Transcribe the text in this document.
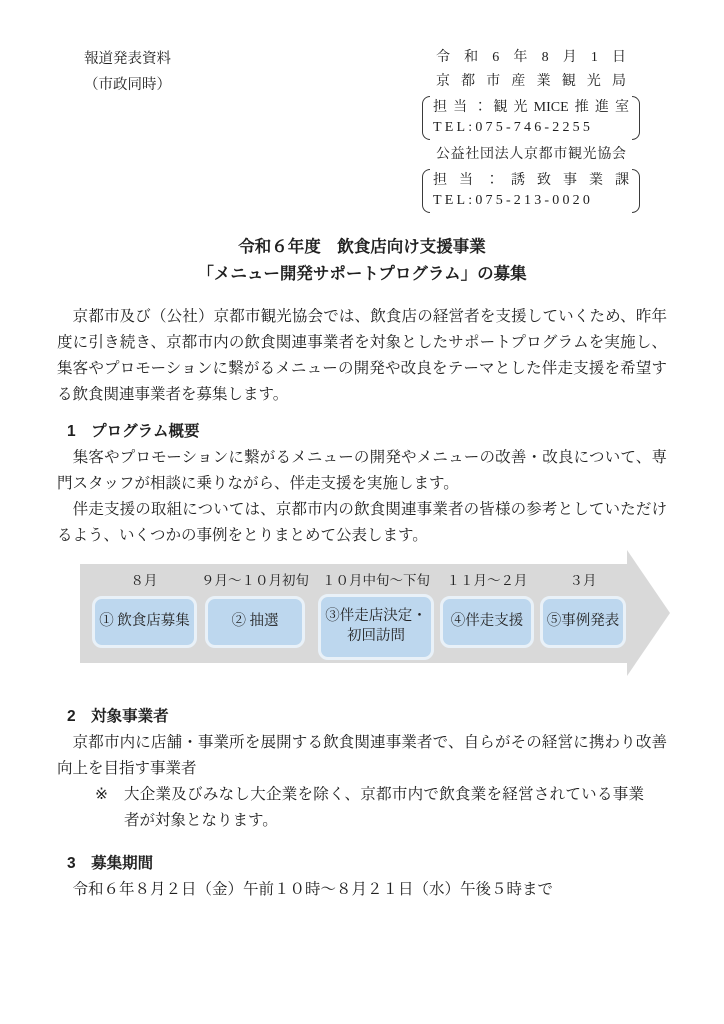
報道発表資料
（市政同時）
令和6年8月1日
京都市産業観光局
担当：観光MICE推進室
TEL:075-746-2255
公益社団法人京都市観光協会
担当：誘致事業課
TEL:075-213-0020
令和６年度　飲食店向け支援事業
「メニュー開発サポートプログラム」の募集

　京都市及び（公社）京都市観光協会では、飲食店の経営者を支援していくため、昨年度に引き続き、京都市内の飲食関連事業者を対象としたサポートプログラムを実施し、集客やプロモーションに繋がるメニューの開発や改良をテーマとした伴走支援を希望する飲食関連事業者を募集します。

1　プログラム概要

　集客やプロモーションに繋がるメニューの開発やメニューの改善・改良について、専門スタッフが相談に乗りながら、伴走支援を実施します。

　伴走支援の取組については、京都市内の飲食関連事業者の皆様の参考としていただけるよう、いくつかの事例をとりまとめて公表します。

８月	９月～１０月初旬 １０月中旬～下旬 １１月～２月	３月
① 飲食店募集	② 抽選	③伴走店決定・
初回訪問
④伴走支援 ⑤事例発表
2　対象事業者

　京都市内に店舗・事業所を展開する飲食関連事業者で、自らがその経営に携わり改善向上を目指す事業者

※ 大企業及びみなし大企業を除く、京都市内で飲食業を経営されている事業者が対象となります。
3　募集期間

　令和６年８月２日（金）午前１０時～８月２１日（水）午後５時まで
